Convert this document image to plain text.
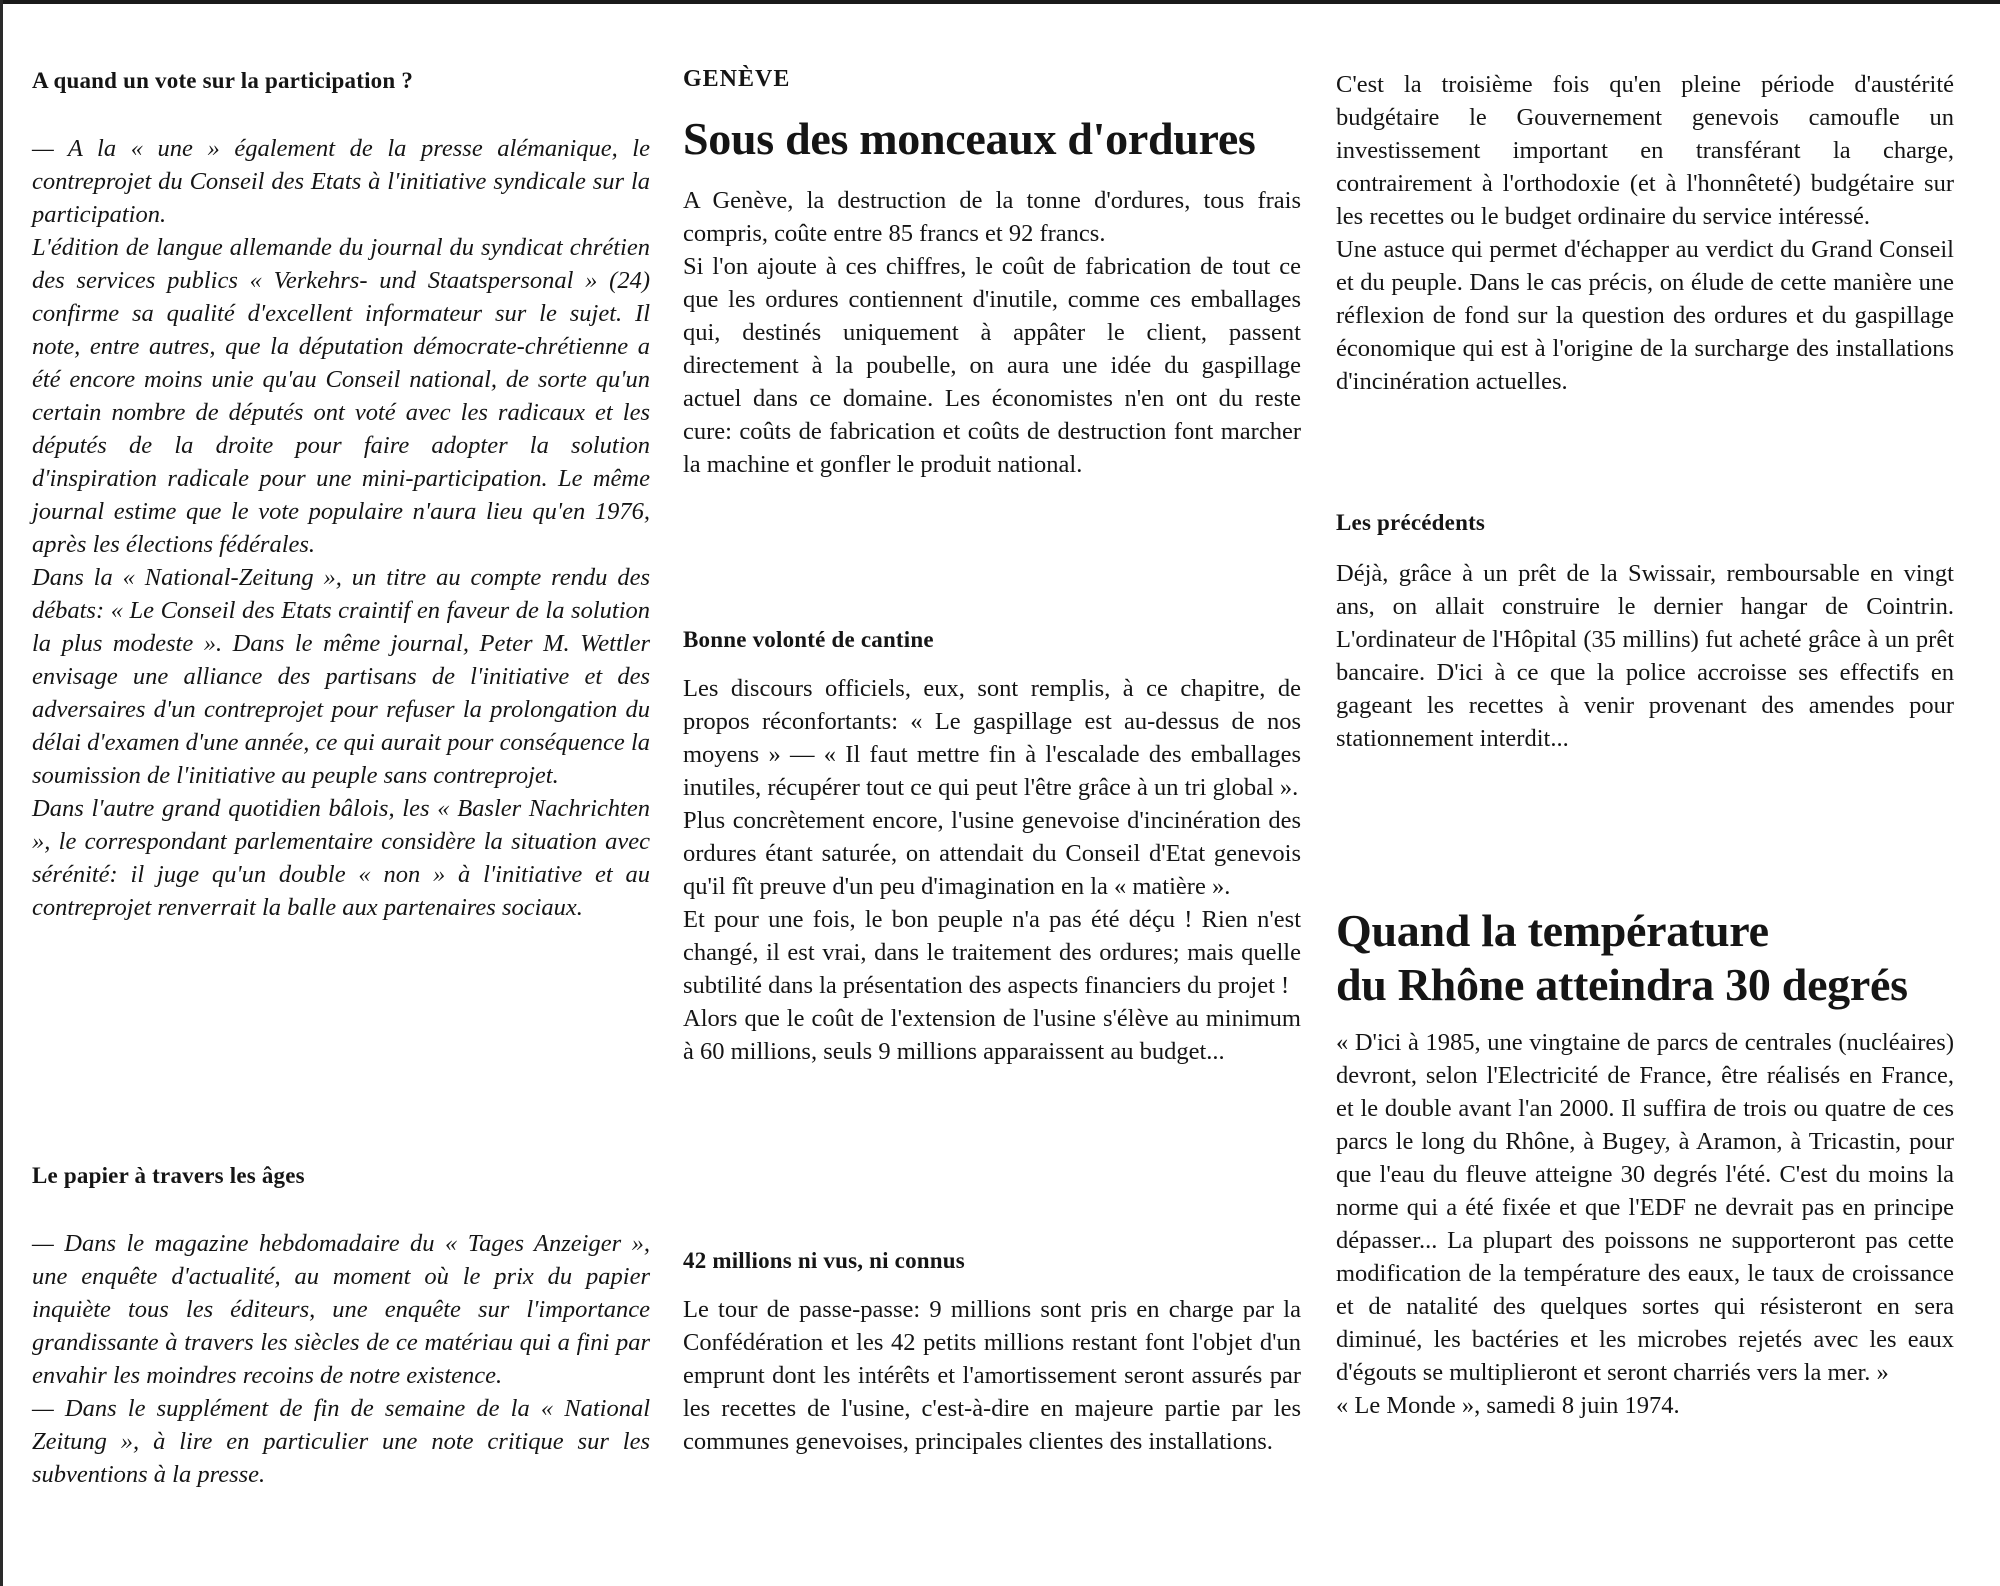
A quand un vote sur la participation ?
— A la « une » également de la presse alémanique, le contreprojet du Conseil des Etats à l'initiative syndicale sur la participation.
L'édition de langue allemande du journal du syndicat chrétien des services publics « Verkehrs- und Staatspersonal » (24) confirme sa qualité d'excellent informateur sur le sujet. Il note, entre autres, que la députation démocrate-chrétienne a été encore moins unie qu'au Conseil national, de sorte qu'un certain nombre de députés ont voté avec les radicaux et les députés de la droite pour faire adopter la solution d'inspiration radicale pour une mini-participation. Le même journal estime que le vote populaire n'aura lieu qu'en 1976, après les élections fédérales.
Dans la « National-Zeitung », un titre au compte rendu des débats: « Le Conseil des Etats craintif en faveur de la solution la plus modeste ». Dans le même journal, Peter M. Wettler envisage une alliance des partisans de l'initiative et des adversaires d'un contreprojet pour refuser la prolongation du délai d'examen d'une année, ce qui aurait pour conséquence la soumission de l'initiative au peuple sans contreprojet.
Dans l'autre grand quotidien bâlois, les « Basler Nachrichten », le correspondant parlementaire considère la situation avec sérénité: il juge qu'un double « non » à l'initiative et au contreprojet renverrait la balle aux partenaires sociaux.
Le papier à travers les âges
— Dans le magazine hebdomadaire du « Tages Anzeiger », une enquête d'actualité, au moment où le prix du papier inquiète tous les éditeurs, une enquête sur l'importance grandissante à travers les siècles de ce matériau qui a fini par envahir les moindres recoins de notre existence.
— Dans le supplément de fin de semaine de la « National Zeitung », à lire en particulier une note critique sur les subventions à la presse.
GENÈVE
Sous des monceaux d'ordures
A Genève, la destruction de la tonne d'ordures, tous frais compris, coûte entre 85 francs et 92 francs.
Si l'on ajoute à ces chiffres, le coût de fabrication de tout ce que les ordures contiennent d'inutile, comme ces emballages qui, destinés uniquement à appâter le client, passent directement à la poubelle, on aura une idée du gaspillage actuel dans ce domaine. Les économistes n'en ont du reste cure: coûts de fabrication et coûts de destruction font marcher la machine et gonfler le produit national.
Bonne volonté de cantine
Les discours officiels, eux, sont remplis, à ce chapitre, de propos réconfortants: « Le gaspillage est au-dessus de nos moyens » — « Il faut mettre fin à l'escalade des emballages inutiles, récupérer tout ce qui peut l'être grâce à un tri global ».
Plus concrètement encore, l'usine genevoise d'incinération des ordures étant saturée, on attendait du Conseil d'Etat genevois qu'il fît preuve d'un peu d'imagination en la « matière ».
Et pour une fois, le bon peuple n'a pas été déçu ! Rien n'est changé, il est vrai, dans le traitement des ordures; mais quelle subtilité dans la présentation des aspects financiers du projet !
Alors que le coût de l'extension de l'usine s'élève au minimum à 60 millions, seuls 9 millions apparaissent au budget...
42 millions ni vus, ni connus
Le tour de passe-passe: 9 millions sont pris en charge par la Confédération et les 42 petits millions restant font l'objet d'un emprunt dont les intérêts et l'amortissement seront assurés par les recettes de l'usine, c'est-à-dire en majeure partie par les communes genevoises, principales clientes des installations.
C'est la troisième fois qu'en pleine période d'austérité budgétaire le Gouvernement genevois camoufle un investissement important en transférant la charge, contrairement à l'orthodoxie (et à l'honnêteté) budgétaire sur les recettes ou le budget ordinaire du service intéressé.
Une astuce qui permet d'échapper au verdict du Grand Conseil et du peuple. Dans le cas précis, on élude de cette manière une réflexion de fond sur la question des ordures et du gaspillage économique qui est à l'origine de la surcharge des installations d'incinération actuelles.
Les précédents
Déjà, grâce à un prêt de la Swissair, remboursable en vingt ans, on allait construire le dernier hangar de Cointrin. L'ordinateur de l'Hôpital (35 millins) fut acheté grâce à un prêt bancaire. D'ici à ce que la police accroisse ses effectifs en gageant les recettes à venir provenant des amendes pour stationnement interdit...
Quand la température
du Rhône atteindra 30 degrés
« D'ici à 1985, une vingtaine de parcs de centrales (nucléaires) devront, selon l'Electricité de France, être réalisés en France, et le double avant l'an 2000. Il suffira de trois ou quatre de ces parcs le long du Rhône, à Bugey, à Aramon, à Tricastin, pour que l'eau du fleuve atteigne 30 degrés l'été. C'est du moins la norme qui a été fixée et que l'EDF ne devrait pas en principe dépasser... La plupart des poissons ne supporteront pas cette modification de la température des eaux, le taux de croissance et de natalité des quelques sortes qui résisteront en sera diminué, les bactéries et les microbes rejetés avec les eaux d'égouts se multiplieront et seront charriés vers la mer. »
« Le Monde », samedi 8 juin 1974.
